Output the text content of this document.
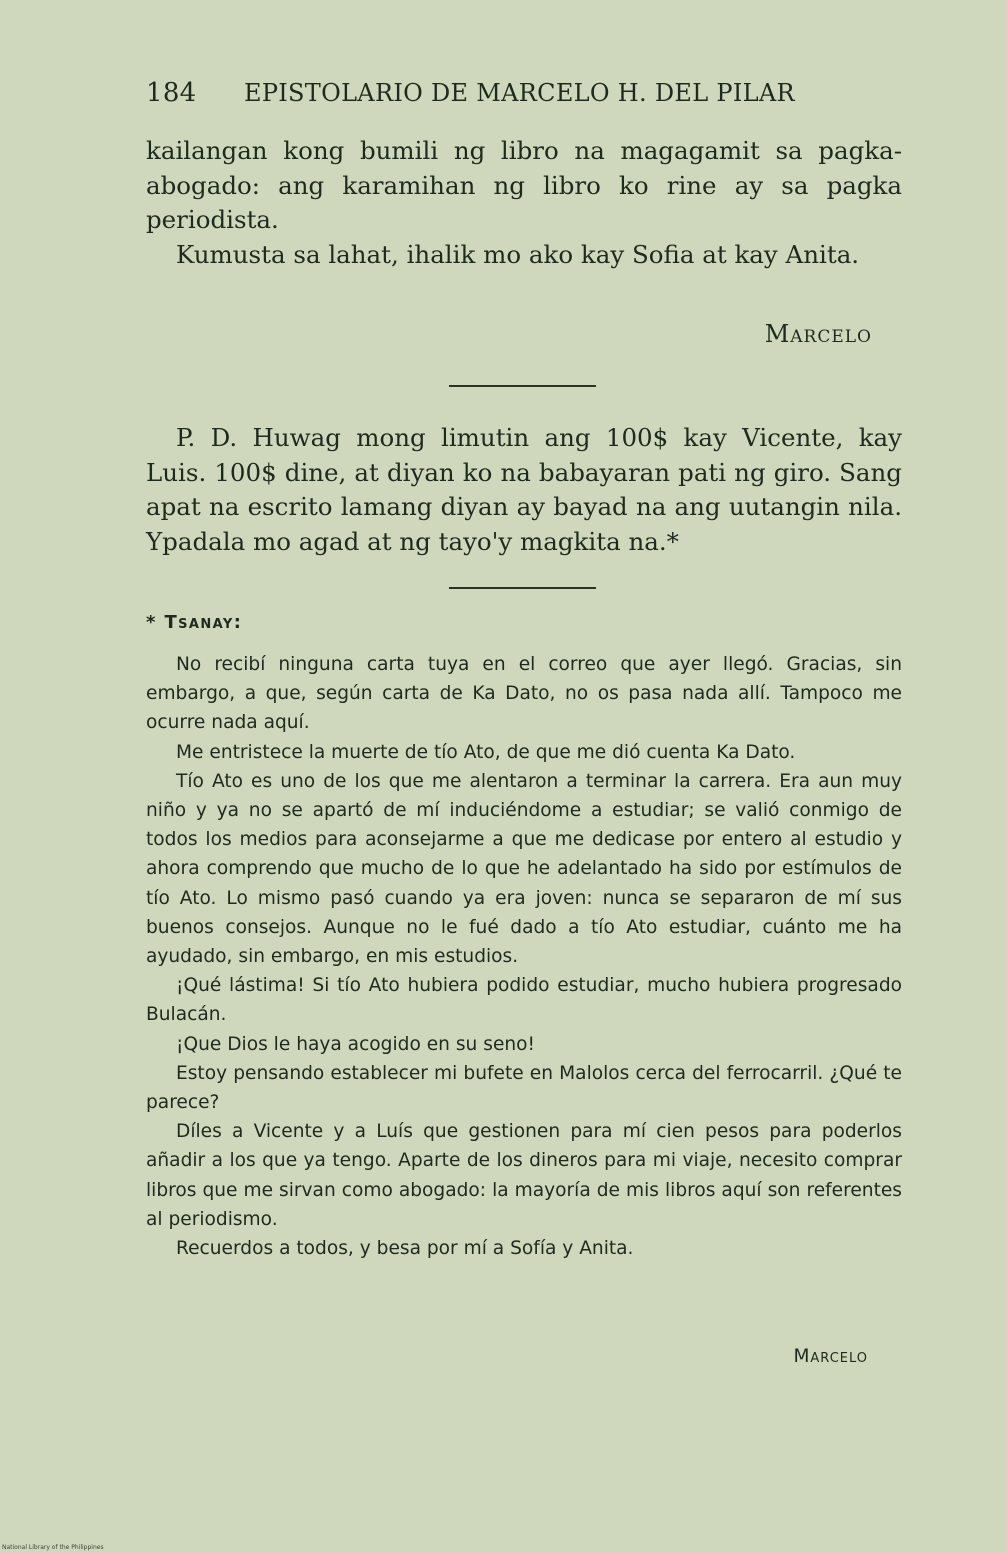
184 EPISTOLARIO DE MARCELO H. DEL PILAR

kailangan kong bumili ng libro na magagamit sa pagka-abogado: ang karamihan ng libro ko rine ay sa pagka periodista.

Kumusta sa lahat, ihalik mo ako kay Sofia at kay Anita.

Marcelo

P. D. Huwag mong limutin ang 100$ kay Vicente, kay Luis. 100$ dine, at diyan ko na babayaran pati ng giro. Sang apat na escrito lamang diyan ay bayad na ang uutangin nila. Ypadala mo agad at ng tayo'y magkita na.*

* Tsanay:

No recibí ninguna carta tuya en el correo que ayer llegó. Gracias, sin embargo, a que, según carta de Ka Dato, no os pasa nada allí. Tampoco me ocurre nada aquí.

Me entristece la muerte de tío Ato, de que me dió cuenta Ka Dato.

Tío Ato es uno de los que me alentaron a terminar la carrera. Era aun muy niño y ya no se apartó de mí induciéndome a estudiar; se valió conmigo de todos los medios para aconsejarme a que me dedicase por entero al estudio y ahora comprendo que mucho de lo que he adelantado ha sido por estímulos de tío Ato. Lo mismo pasó cuando ya era joven: nunca se separaron de mí sus buenos consejos. Aunque no le fué dado a tío Ato estudiar, cuánto me ha ayudado, sin embargo, en mis estudios.

¡Qué lástima! Si tío Ato hubiera podido estudiar, mucho hubiera progresado Bulacán.

¡Que Dios le haya acogido en su seno!

Estoy pensando establecer mi bufete en Malolos cerca del ferrocarril. ¿Qué te parece?

Díles a Vicente y a Luís que gestionen para mí cien pesos para poderlos añadir a los que ya tengo. Aparte de los dineros para mi viaje, necesito comprar libros que me sirvan como abogado: la mayoría de mis libros aquí son referentes al periodismo.

Recuerdos a todos, y besa por mí a Sofía y Anita.

Marcelo
National Library of the Philippines
